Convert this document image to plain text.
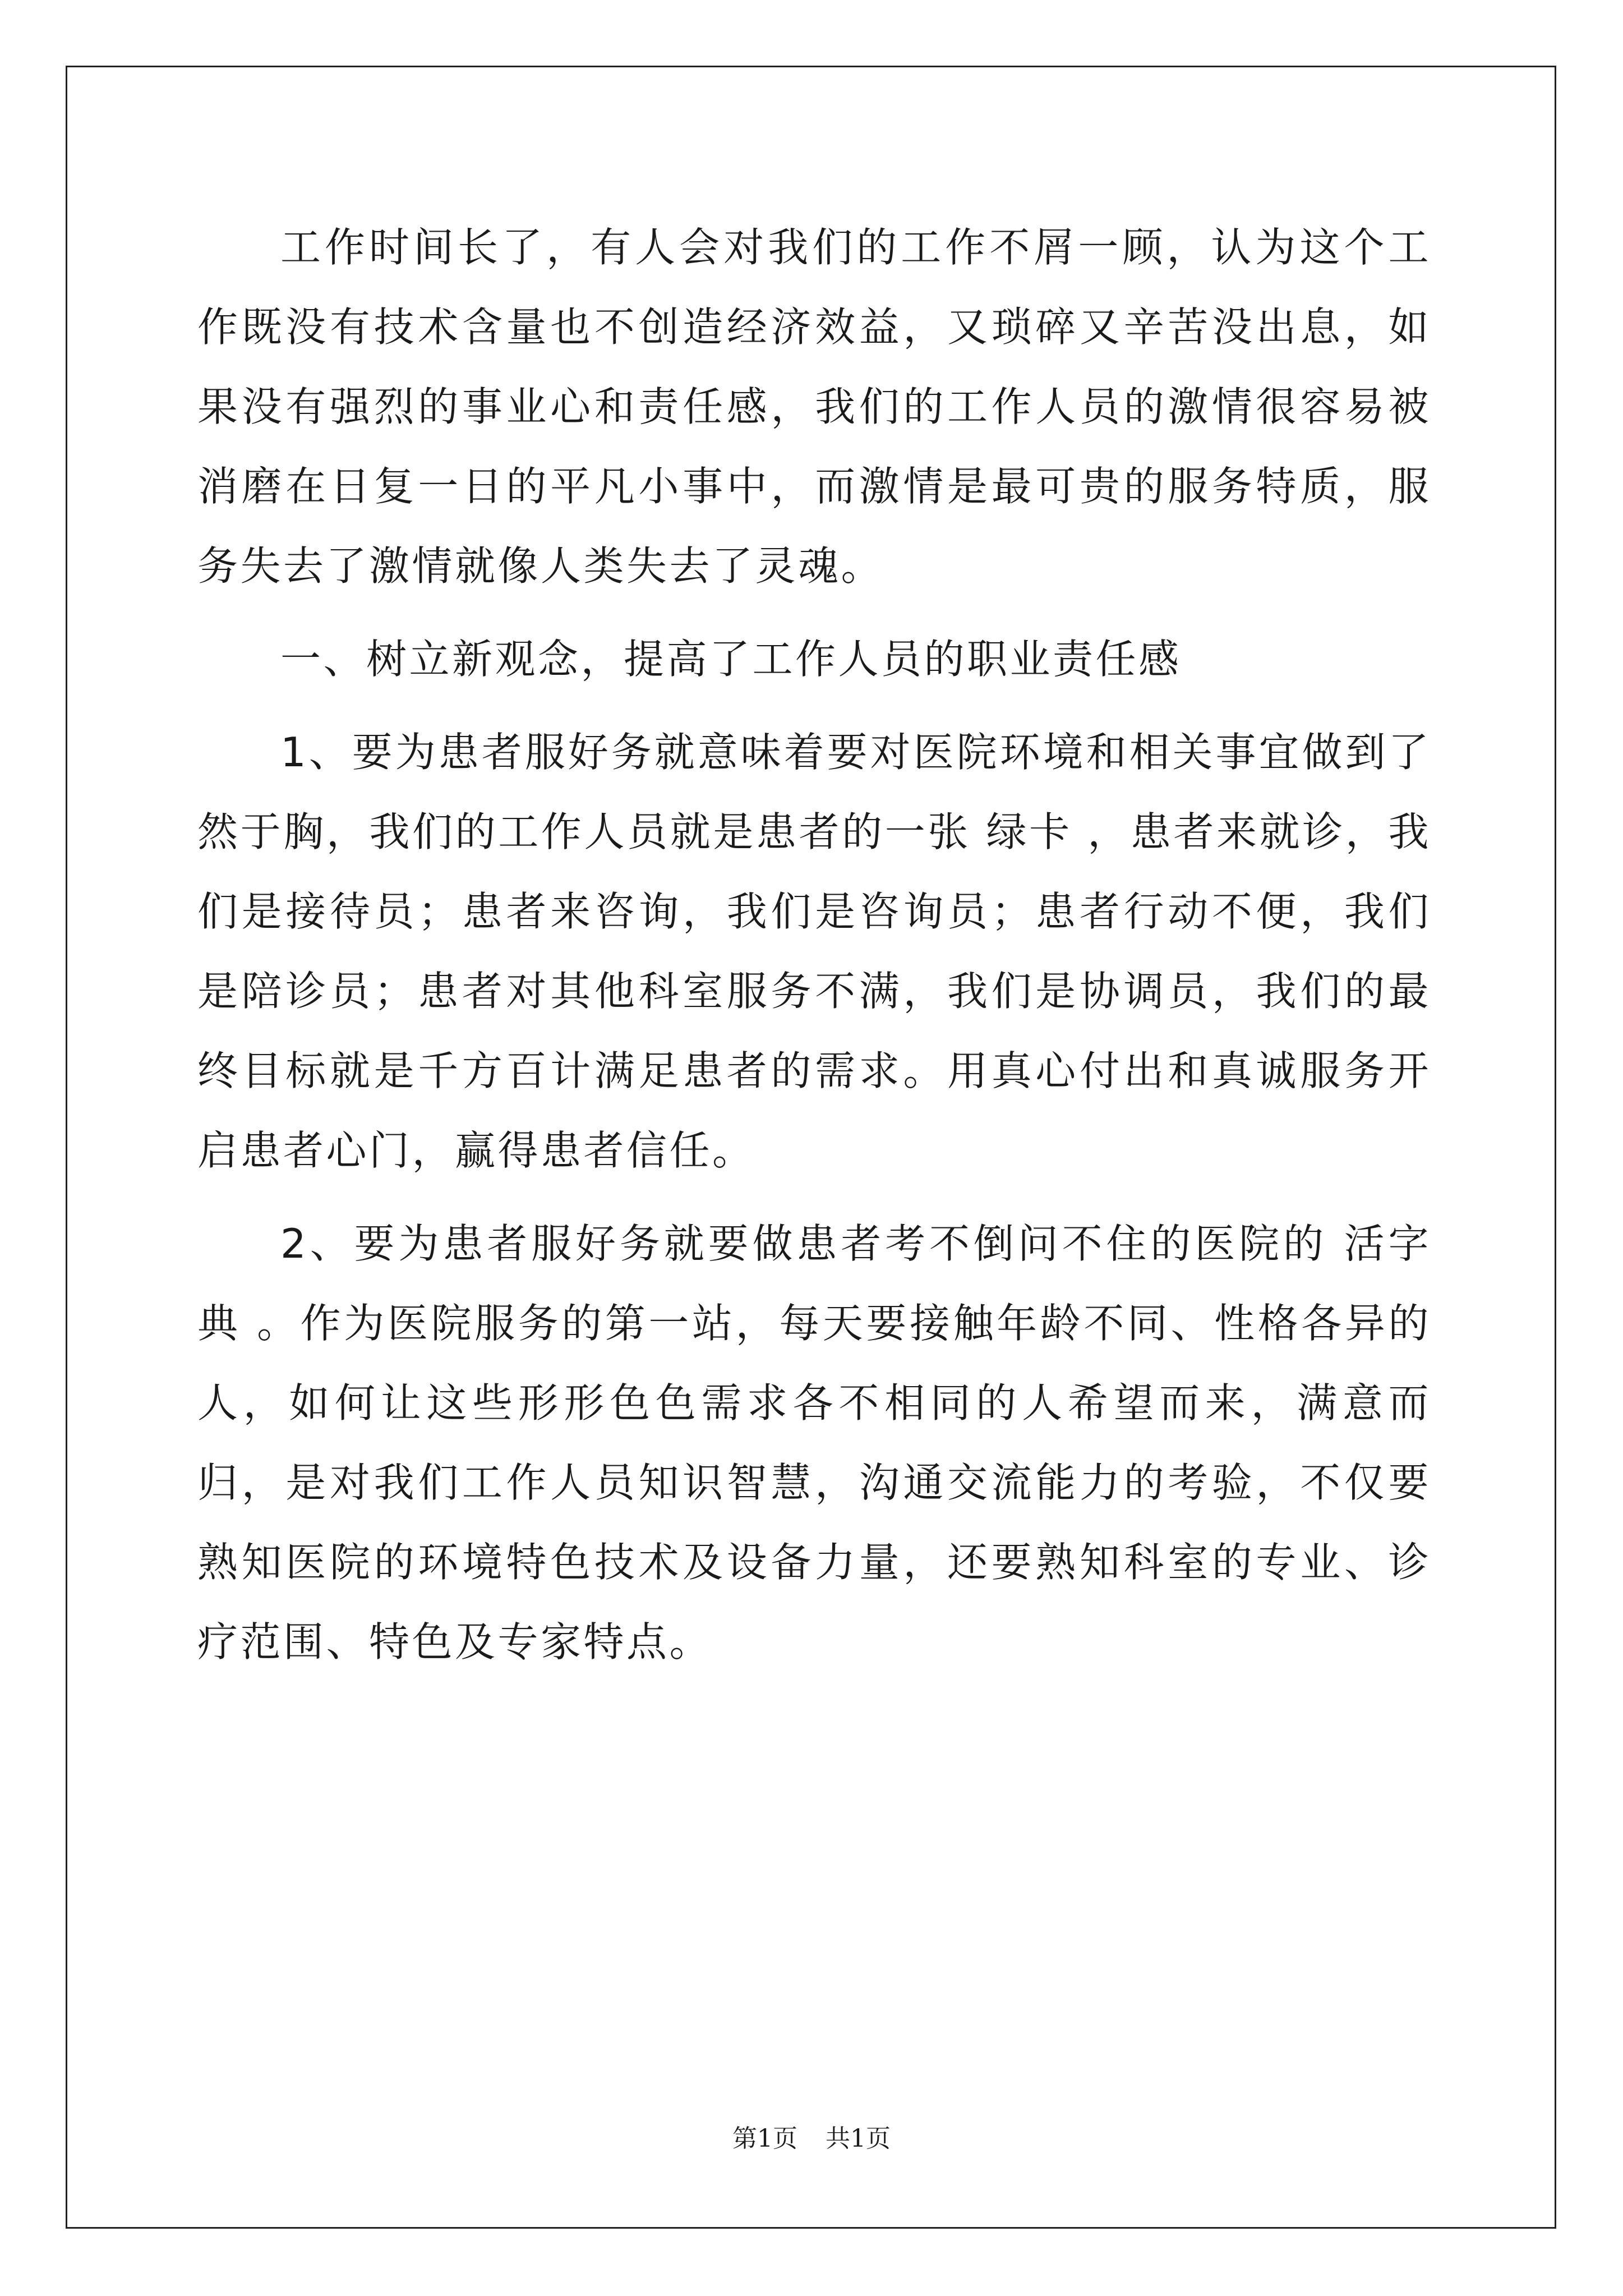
工作时间长了，有人会对我们的工作不屑一顾，认为这个工作既没有技术含量也不创造经济效益，又琐碎又辛苦没出息，如果没有强烈的事业心和责任感，我们的工作人员的激情很容易被消磨在日复一日的平凡小事中，而激情是最可贵的服务特质，服务失去了激情就像人类失去了灵魂。

一、树立新观念，提高了工作人员的职业责任感

1、要为患者服好务就意味着要对医院环境和相关事宜做到了然于胸，我们的工作人员就是患者的一张 绿卡 ，患者来就诊，我们是接待员；患者来咨询，我们是咨询员；患者行动不便，我们是陪诊员；患者对其他科室服务不满，我们是协调员，我们的最终目标就是千方百计满足患者的需求。用真心付出和真诚服务开启患者心门，赢得患者信任。

2、要为患者服好务就要做患者考不倒问不住的医院的 活字典 。作为医院服务的第一站，每天要接触年龄不同、性格各异的人，如何让这些形形色色需求各不相同的人希望而来，满意而归，是对我们工作人员知识智慧，沟通交流能力的考验，不仅要熟知医院的环境特色技术及设备力量，还要熟知科室的专业、诊疗范围、特色及专家特点。

第1页 共1页
